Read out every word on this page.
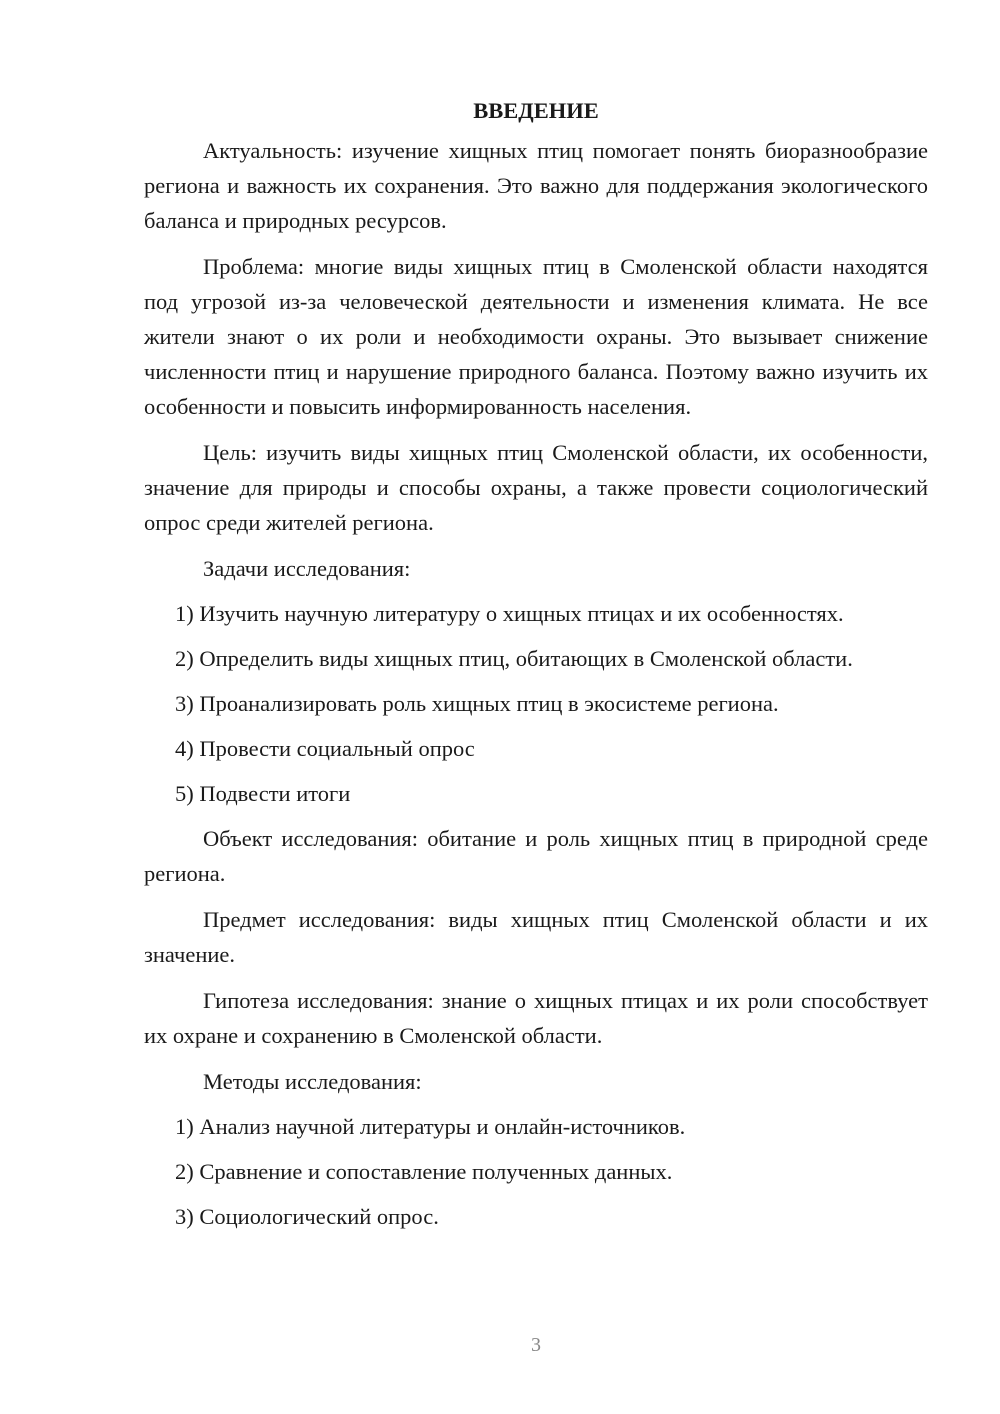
ВВЕДЕНИЕ

Актуальность: изучение хищных птиц помогает понять биоразнообразие региона и важность их сохранения. Это важно для поддержания экологического баланса и природных ресурсов.

Проблема: многие виды хищных птиц в Смоленской области находятся под угрозой из-за человеческой деятельности и изменения климата. Не все жители знают о их роли и необходимости охраны. Это вызывает снижение численности птиц и нарушение природного баланса. Поэтому важно изучить их особенности и повысить информированность населения.

Цель: изучить виды хищных птиц Смоленской области, их особенности, значение для природы и способы охраны, а также провести социологический опрос среди жителей региона.

Задачи исследования:

1) Изучить научную литературу о хищных птицах и их особенностях.

2) Определить виды хищных птиц, обитающих в Смоленской области.

3) Проанализировать роль хищных птиц в экосистеме региона.

4) Провести социальный опрос

5) Подвести итоги

Объект исследования: обитание и роль хищных птиц в природной среде региона.

Предмет исследования: виды хищных птиц Смоленской области и их значение.

Гипотеза исследования: знание о хищных птицах и их роли способствует их охране и сохранению в Смоленской области.

Методы исследования:

1) Анализ научной литературы и онлайн-источников.

2) Сравнение и сопоставление полученных данных.

3) Социологический опрос.

3
